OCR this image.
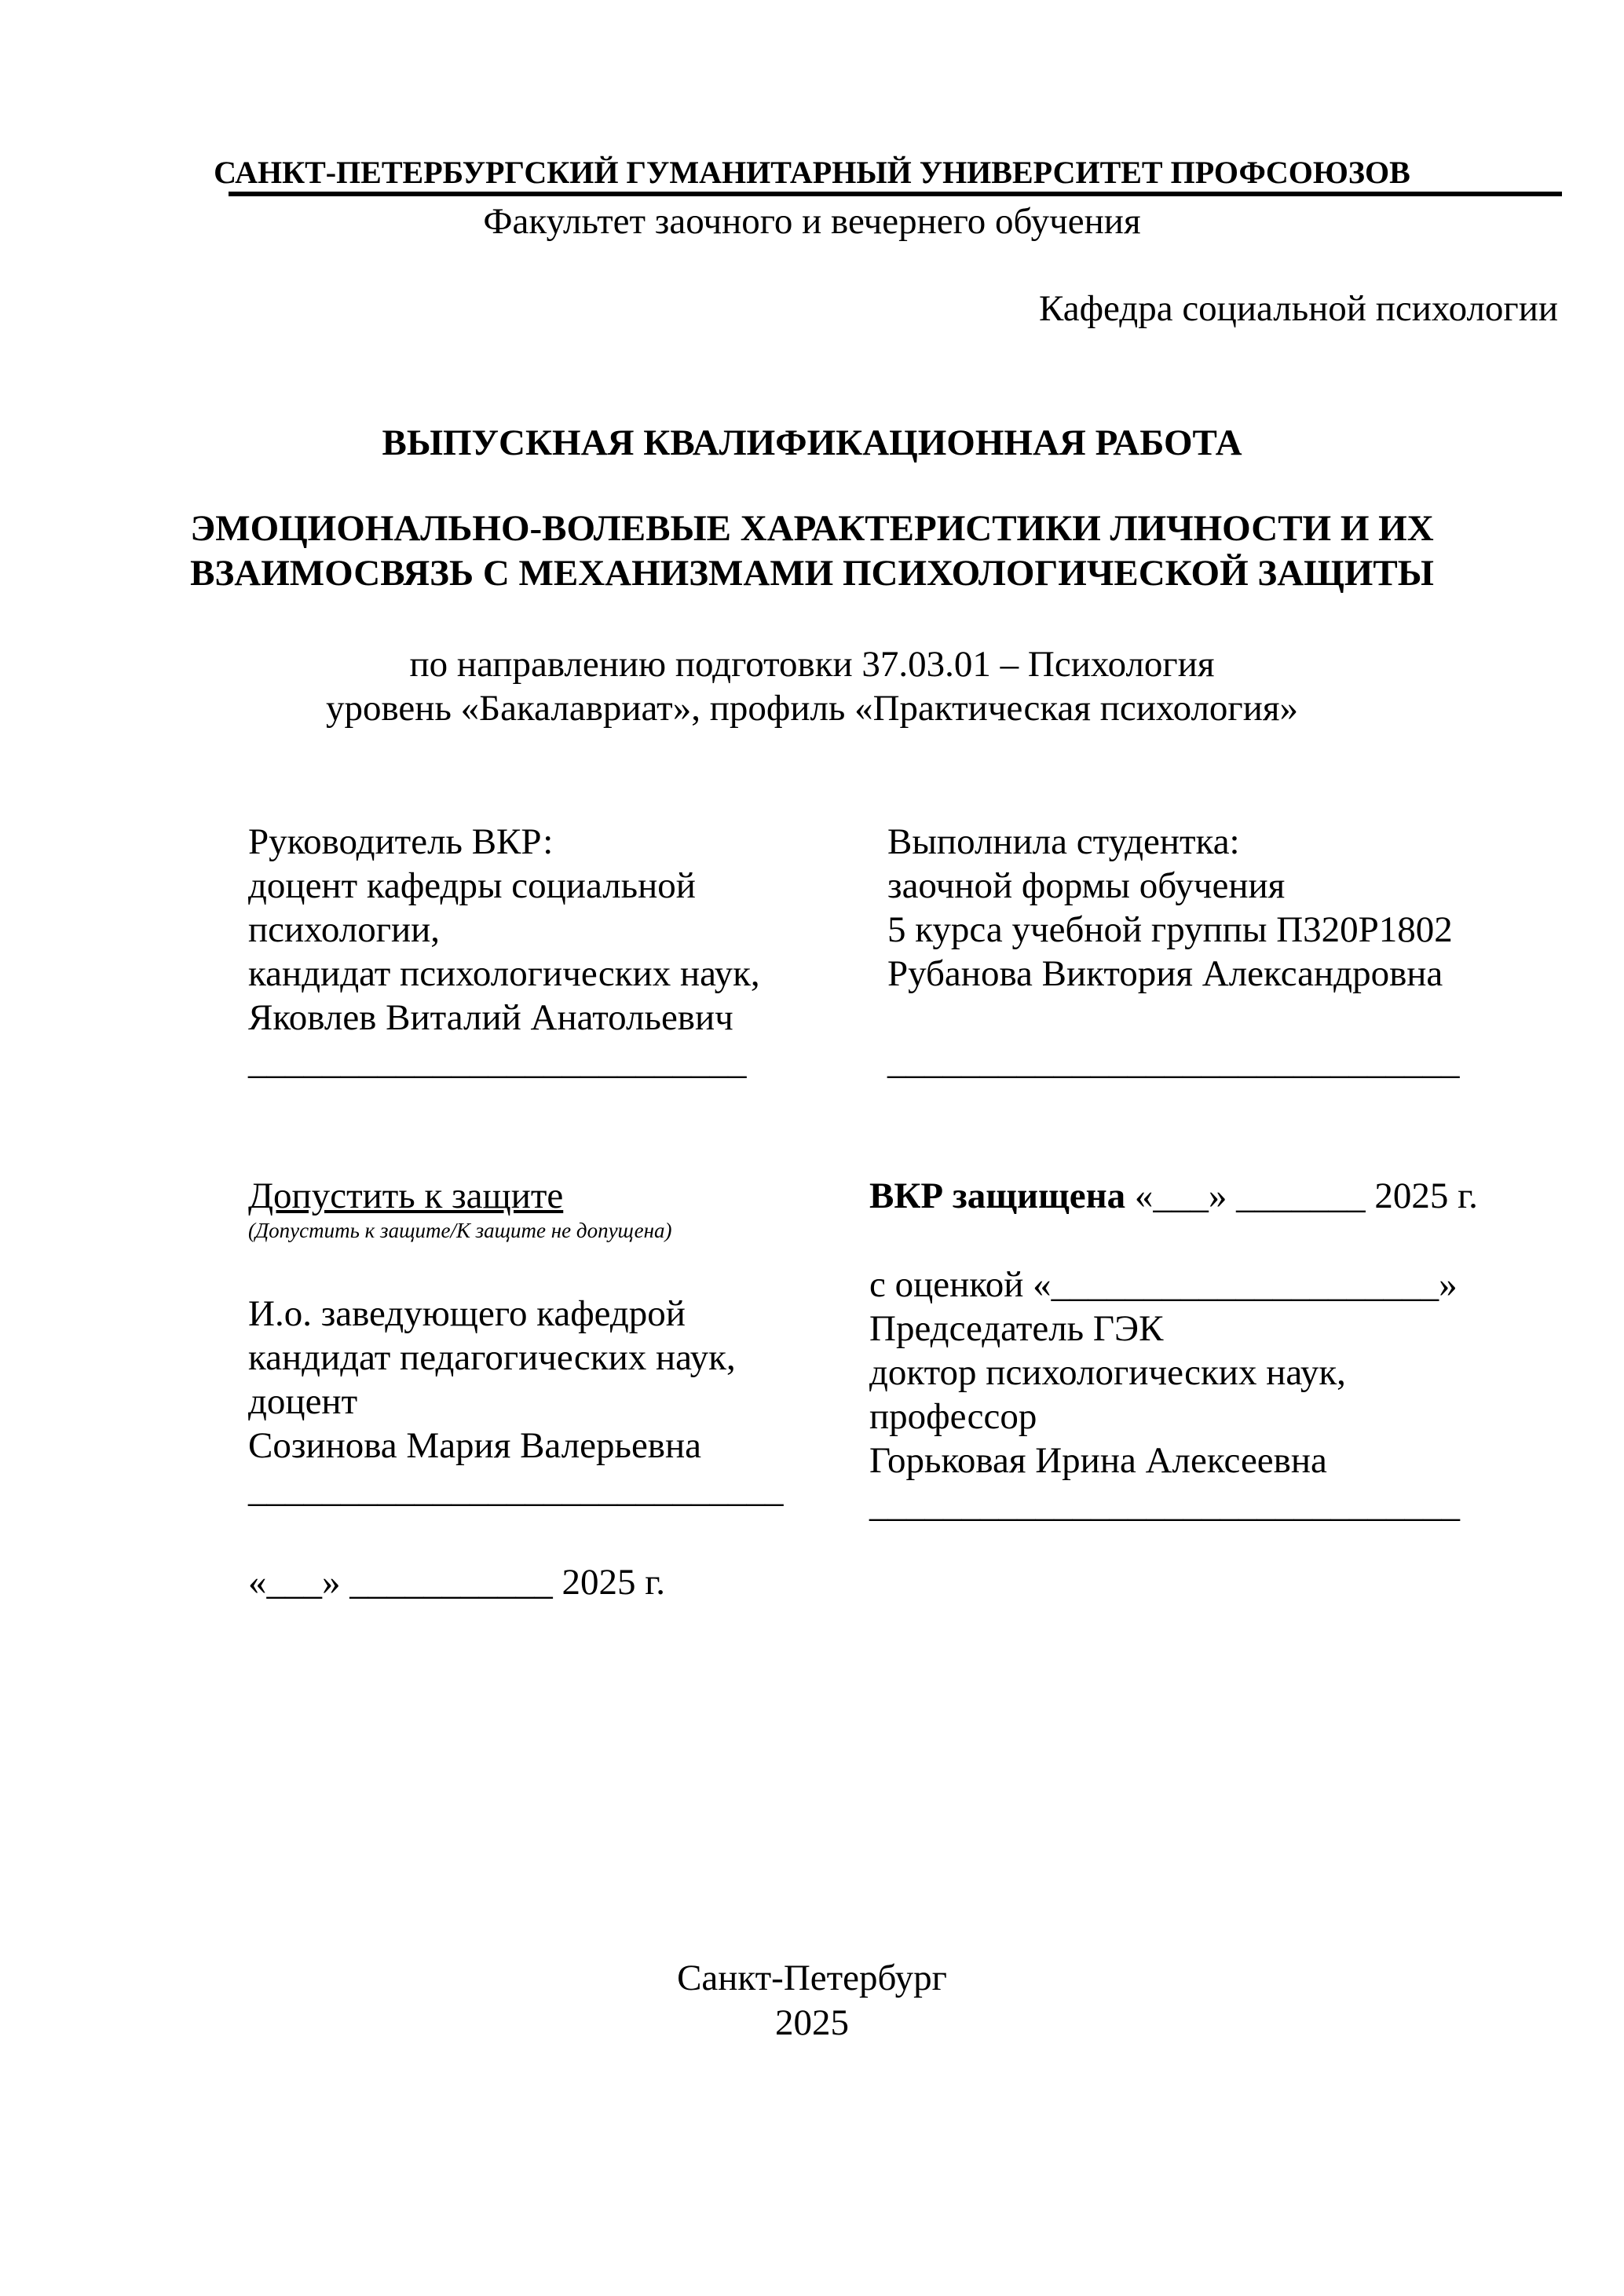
САНКТ-ПЕТЕРБУРГСКИЙ ГУМАНИТАРНЫЙ УНИВЕРСИТЕТ ПРОФСОЮЗОВ
Факультет заочного и вечернего обучения
Кафедра социальной психологии
ВЫПУСКНАЯ КВАЛИФИКАЦИОННАЯ РАБОТА
ЭМОЦИОНАЛЬНО-ВОЛЕВЫЕ ХАРАКТЕРИСТИКИ ЛИЧНОСТИ И ИХ
ВЗАИМОСВЯЗЬ С МЕХАНИЗМАМИ ПСИХОЛОГИЧЕСКОЙ ЗАЩИТЫ
по направлению подготовки 37.03.01 – Психология
уровень «Бакалавриат», профиль «Практическая психология»
Руководитель ВКР:
доцент кафедры социальной
психологии,
кандидат психологических наук,
Яковлев Виталий Анатольевич
___________________________
Выполнила студентка:
заочной формы обучения
5 курса учебной группы П320Р1802
Рубанова Виктория Александровна

_______________________________
Допустить к защите
(Допустить к защите/К защите не допущена)
И.о. заведующего кафедрой
кандидат педагогических наук,
доцент
Созинова Мария Валерьевна
_____________________________
«___» ___________ 2025 г.
ВКР защищена «___» _______ 2025 г.
с оценкой «_____________________»
Председатель ГЭК
доктор психологических наук,
профессор
Горьковая Ирина Алексеевна
________________________________
Санкт-Петербург
2025
